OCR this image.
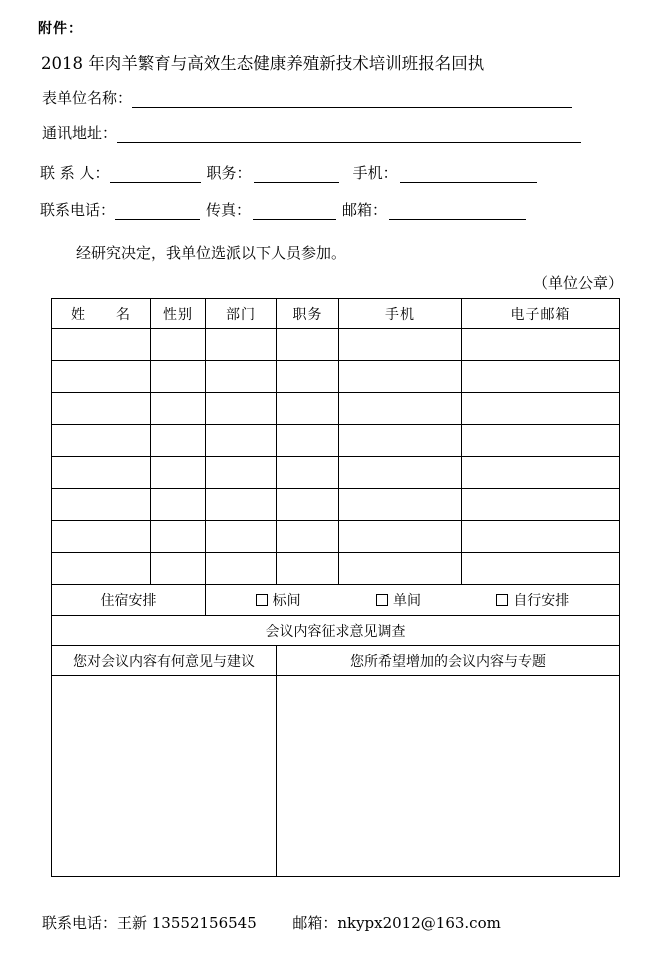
附件：
2018 年肉羊繁育与高效生态健康养殖新技术培训班报名回执
表单位名称：
通讯地址：
联 系 人：	职务：	手机：
联系电话：	传真：	邮箱：
经研究决定，我单位选派以下人员参加。
（单位公章）
姓　　名	性别	部门	职务	手机	电子邮箱

住宿安排		标间 单间 自行安排			

会议内容征求意见调查					
您对会议内容有何意见与建议			您所希望增加的会议内容与专题		

联系电话：王新 13552156545 邮箱：nkypx2012@163.com
